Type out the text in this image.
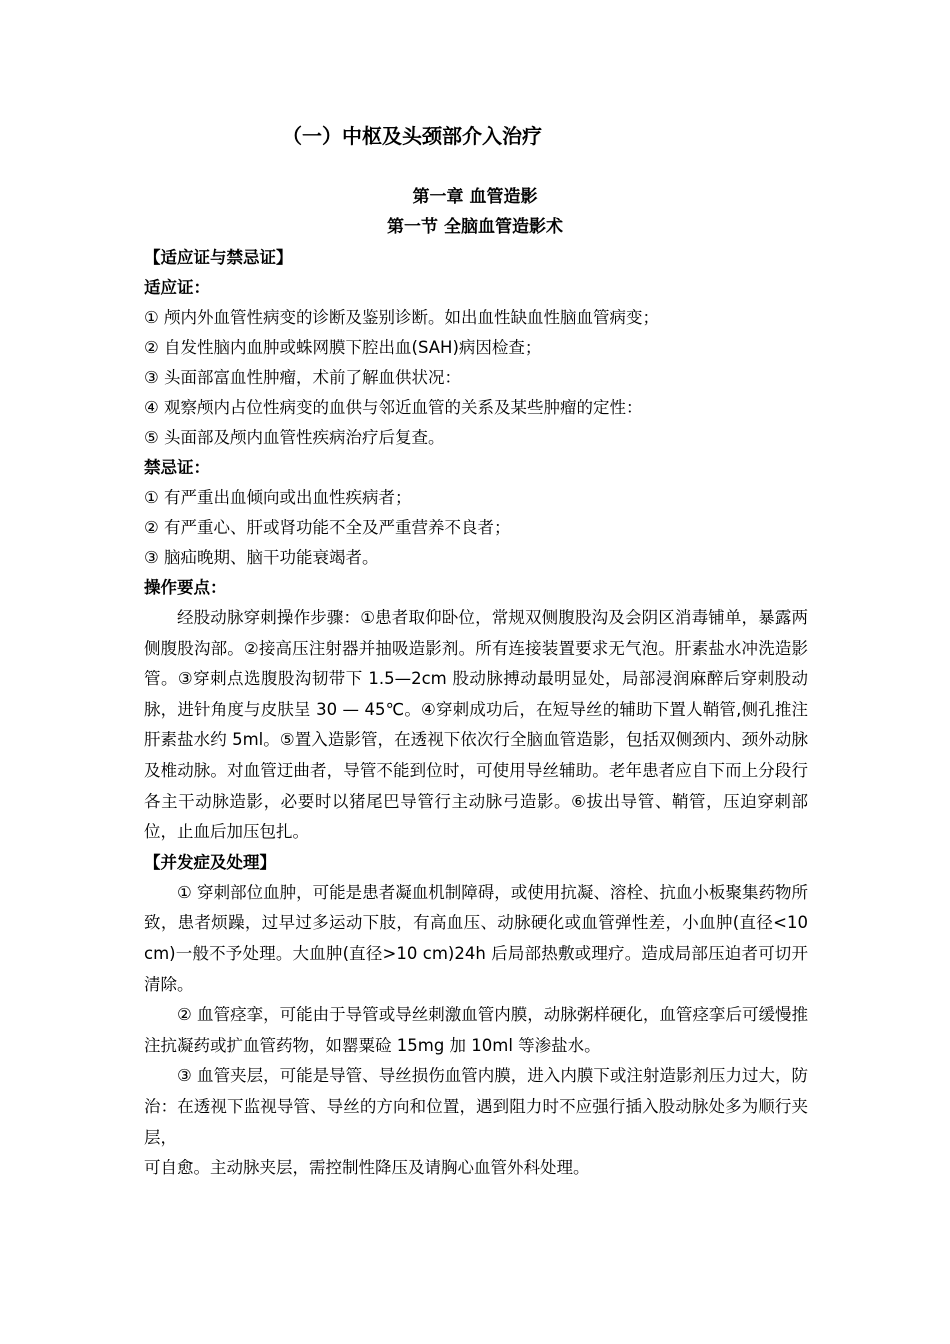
（一）中枢及头颈部介入治疗
第一章 血管造影
第一节 全脑血管造影术
【适应证与禁忌证】
适应证：
① 颅内外血管性病变的诊断及鉴别诊断。如出血性缺血性脑血管病变；
② 自发性脑内血肿或蛛网膜下腔出血(SAH)病因检查；
③ 头面部富血性肿瘤，术前了解血供状况：
④ 观察颅内占位性病变的血供与邻近血管的关系及某些肿瘤的定性：
⑤ 头面部及颅内血管性疾病治疗后复查。
禁忌证：
① 有严重出血倾向或出血性疾病者；
② 有严重心、肝或肾功能不全及严重营养不良者；
③ 脑疝晚期、脑干功能衰竭者。
操作要点：
经股动脉穿刺操作步骤：①患者取仰卧位，常规双侧腹股沟及会阴区消毒铺单，暴露两侧腹股沟部。②接高压注射器并抽吸造影剂。所有连接装置要求无气泡。肝素盐水冲洗造影管。③穿刺点选腹股沟韧带下 1.5—2cm 股动脉搏动最明显处，局部浸润麻醉后穿刺股动脉，进针角度与皮肤呈 30 — 45℃。④穿刺成功后，在短导丝的辅助下置人鞘管,侧孔推注肝素盐水约 5ml。⑤置入造影管，在透视下依次行全脑血管造影，包括双侧颈内、颈外动脉及椎动脉。对血管迂曲者，导管不能到位时，可使用导丝辅助。老年患者应自下而上分段行各主干动脉造影，必要时以猪尾巴导管行主动脉弓造影。⑥拔出导管、鞘管，压迫穿刺部位，止血后加压包扎。
【并发症及处理】
① 穿刺部位血肿，可能是患者凝血机制障碍，或使用抗凝、溶栓、抗血小板聚集药物所致，患者烦躁，过早过多运动下肢，有高血压、动脉硬化或血管弹性差，小血肿(直径<10 cm)一般不予处理。大血肿(直径>10 cm)24h 后局部热敷或理疗。造成局部压迫者可切开清除。
② 血管痉挛，可能由于导管或导丝刺激血管内膜，动脉粥样硬化，血管痉挛后可缓慢推注抗凝药或扩血管药物，如罂粟硷 15mg 加 10ml 等渗盐水。
③ 血管夹层，可能是导管、导丝损伤血管内膜，进入内膜下或注射造影剂压力过大，防治：在透视下监视导管、导丝的方向和位置，遇到阻力时不应强行插入股动脉处多为顺行夹层，
可自愈。主动脉夹层，需控制性降压及请胸心血管外科处理。
